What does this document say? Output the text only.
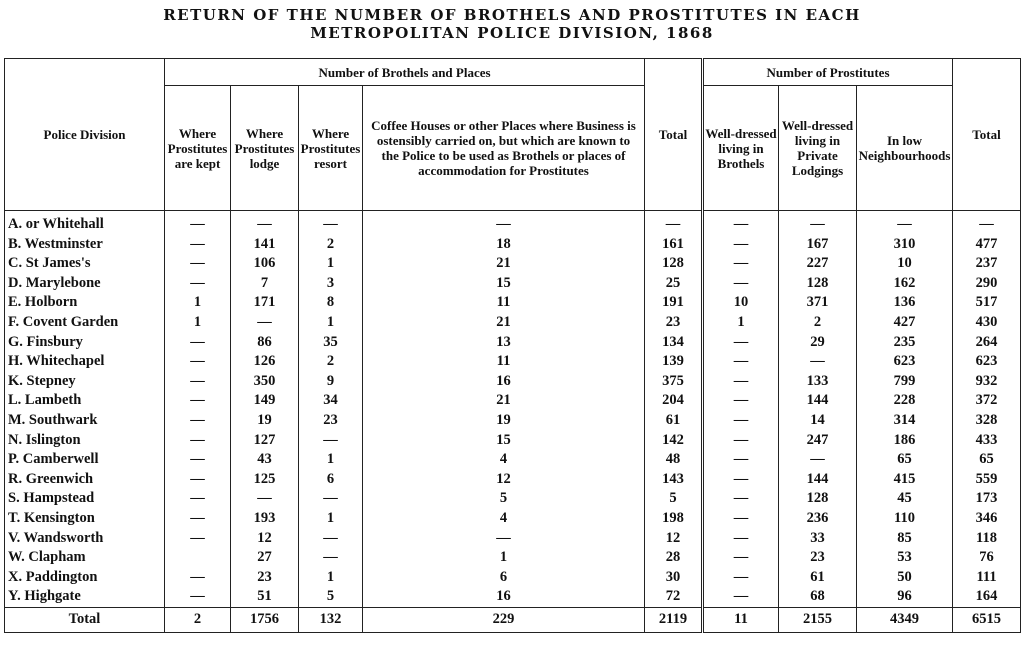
RETURN OF THE NUMBER OF BROTHELS AND PROSTITUTES IN EACH
METROPOLITAN POLICE DIVISION, 1868
Police Division	Number of Brothels and Places				Total	Number of Prostitutes			Total
	Where Prostitutes are kept	Where Prostitutes lodge	Where Prostitutes resort	Coffee Houses or other Places where Business is ostensibly carried on, but which are known to the Police to be used as Brothels or places of accommodation for Prostitutes		Well-dressed living in Brothels	Well-dressed living in Private Lodgings	In low Neighbourhoods	
A. or Whitehall	—	—	—	—	—	—	—	—	—
B. Westminster	—	141	2	18	161	—	167	310	477
C. St James's	—	106	1	21	128	—	227	10	237
D. Marylebone	—	7	3	15	25	—	128	162	290
E. Holborn	1	171	8	11	191	10	371	136	517
F. Covent Garden	1	—	1	21	23	1	2	427	430
G. Finsbury	—	86	35	13	134	—	29	235	264
H. Whitechapel	—	126	2	11	139	—	—	623	623
K. Stepney	—	350	9	16	375	—	133	799	932
L. Lambeth	—	149	34	21	204	—	144	228	372
M. Southwark	—	19	23	19	61	—	14	314	328
N. Islington	—	127	—	15	142	—	247	186	433
P. Camberwell	—	43	1	4	48	—	—	65	65
R. Greenwich	—	125	6	12	143	—	144	415	559
S. Hampstead	—	—	—	5	5	—	128	45	173
T. Kensington	—	193	1	4	198	—	236	110	346
V. Wandsworth	—	12	—	—	12	—	33	85	118
W. Clapham		27	—	1	28	—	23	53	76
X. Paddington	—	23	1	6	30	—	61	50	111
Y. Highgate	—	51	5	16	72	—	68	96	164
Total	2	1756	132	229	2119	11	2155	4349	6515
